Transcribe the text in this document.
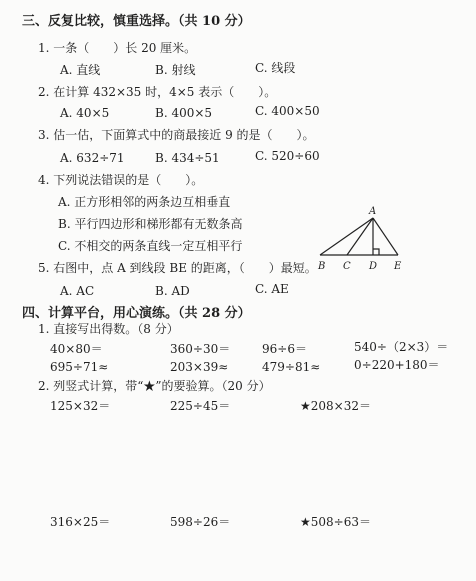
三、反复比较，慎重选择。（共 10 分）
1. 一条（　　）长 20 厘米。
A. 直线	B. 射线	C. 线段
2. 在计算 432×35 时，4×5 表示（　　）。
A. 40×5	B. 400×5	C. 400×50
3. 估一估，下面算式中的商最接近 9 的是（　　）。
A. 632÷71	B. 434÷51	C. 520÷60
4. 下列说法错误的是（　　）。
A. 正方形相邻的两条边互相垂直
B. 平行四边形和梯形都有无数条高
C. 不相交的两条直线一定互相平行
5. 右图中，点 A 到线段 BE 的距离，（　　）最短。
A. AC	B. AD	C. AE
A
B C D E
四、计算平台，用心演练。（共 28 分）
1. 直接写出得数。（8 分）
40×80＝	360÷30＝	96÷6＝	540÷（2×3）＝
695÷71≈	203×39≈	479÷81≈	0÷220+180＝
2. 列竖式计算，带“★”的要验算。（20 分）
125×32＝	225÷45＝	★208×32＝
316×25＝	598÷26＝	★508÷63＝
